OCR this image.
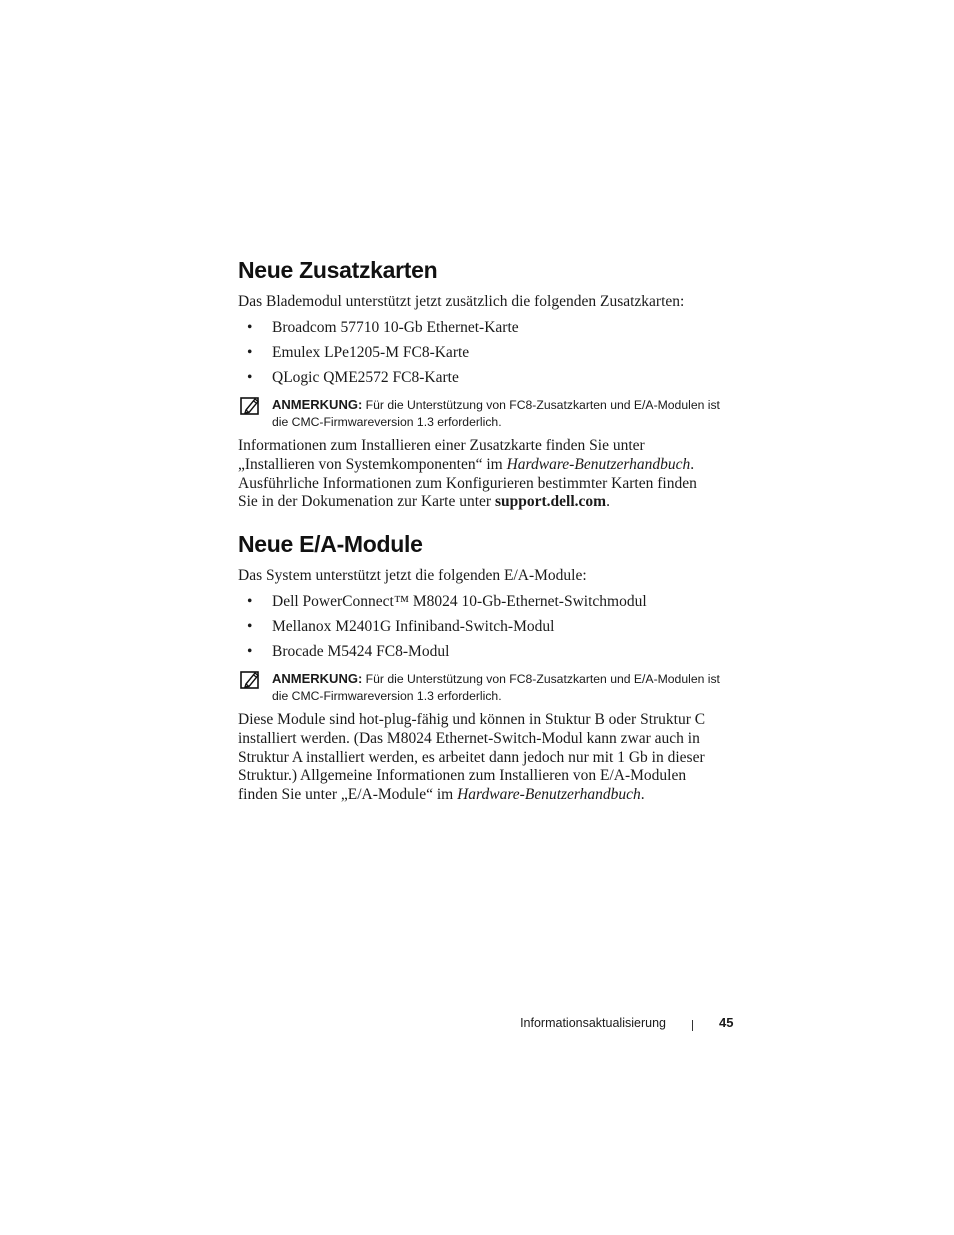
Neue Zusatzkarten

Das Blademodul unterstützt jetzt zusätzlich die folgenden Zusatzkarten:

• Broadcom 57710 10-Gb Ethernet-Karte
• Emulex LPe1205-M FC8-Karte
• QLogic QME2572 FC8-Karte
ANMERKUNG: Für die Unterstützung von FC8-Zusatzkarten und E/A-Modulen ist
die CMC-Firmwareversion 1.3 erforderlich.

Informationen zum Installieren einer Zusatzkarte finden Sie unter
„Installieren von Systemkomponenten“ im Hardware-Benutzerhandbuch.
Ausführliche Informationen zum Konfigurieren bestimmter Karten finden
Sie in der Dokumenation zur Karte unter support.dell.com.

Neue E/A-Module

Das System unterstützt jetzt die folgenden E/A-Module:

• Dell PowerConnect™ M8024 10-Gb-Ethernet-Switchmodul
• Mellanox M2401G Infiniband-Switch-Modul
• Brocade M5424 FC8-Modul
ANMERKUNG: Für die Unterstützung von FC8-Zusatzkarten und E/A-Modulen ist
die CMC-Firmwareversion 1.3 erforderlich.

Diese Module sind hot-plug-fähig und können in Stuktur B oder Struktur C
installiert werden. (Das M8024 Ethernet-Switch-Modul kann zwar auch in
Struktur A installiert werden, es arbeitet dann jedoch nur mit 1 Gb in dieser
Struktur.) Allgemeine Informationen zum Installieren von E/A-Modulen
finden Sie unter „E/A-Module“ im Hardware-Benutzerhandbuch.

Informationsaktualisierung	45
